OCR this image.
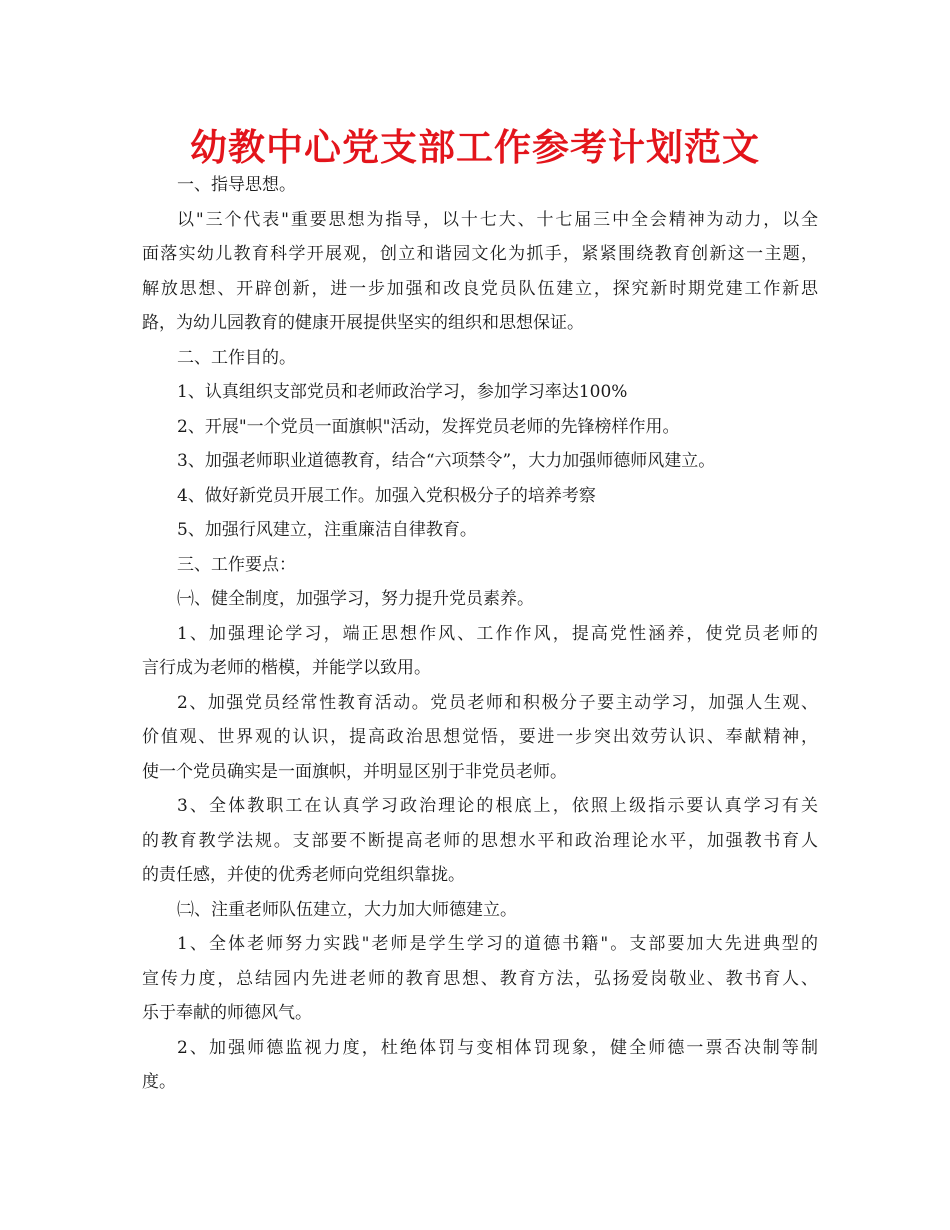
幼教中心党支部工作参考计划范文
一、指导思想。
以"三个代表"重要思想为指导，以十七大、十七届三中全会精神为动力，以全
面落实幼儿教育科学开展观，创立和谐园文化为抓手，紧紧围绕教育创新这一主题，
解放思想、开辟创新，进一步加强和改良党员队伍建立，探究新时期党建工作新思
路，为幼儿园教育的健康开展提供坚实的组织和思想保证。
二、工作目的。
1、认真组织支部党员和老师政治学习，参加学习率达100%
2、开展"一个党员一面旗帜"活动，发挥党员老师的先锋榜样作用。
3、加强老师职业道德教育，结合“六项禁令”，大力加强师德师风建立。
4、做好新党员开展工作。加强入党积极分子的培养考察
5、加强行风建立，注重廉洁自律教育。
三、工作要点：
㈠、健全制度，加强学习，努力提升党员素养。
1、加强理论学习，端正思想作风、工作作风，提高党性涵养，使党员老师的
言行成为老师的楷模，并能学以致用。
2、加强党员经常性教育活动。党员老师和积极分子要主动学习，加强人生观、
价值观、世界观的认识，提高政治思想觉悟，要进一步突出效劳认识、奉献精神，
使一个党员确实是一面旗帜，并明显区别于非党员老师。
3、全体教职工在认真学习政治理论的根底上，依照上级指示要认真学习有关
的教育教学法规。支部要不断提高老师的思想水平和政治理论水平，加强教书育人
的责任感，并使的优秀老师向党组织靠拢。
㈡、注重老师队伍建立，大力加大师德建立。
1、全体老师努力实践"老师是学生学习的道德书籍"。支部要加大先进典型的
宣传力度，总结园内先进老师的教育思想、教育方法，弘扬爱岗敬业、教书育人、
乐于奉献的师德风气。
2、加强师德监视力度，杜绝体罚与变相体罚现象，健全师德一票否决制等制
度。
